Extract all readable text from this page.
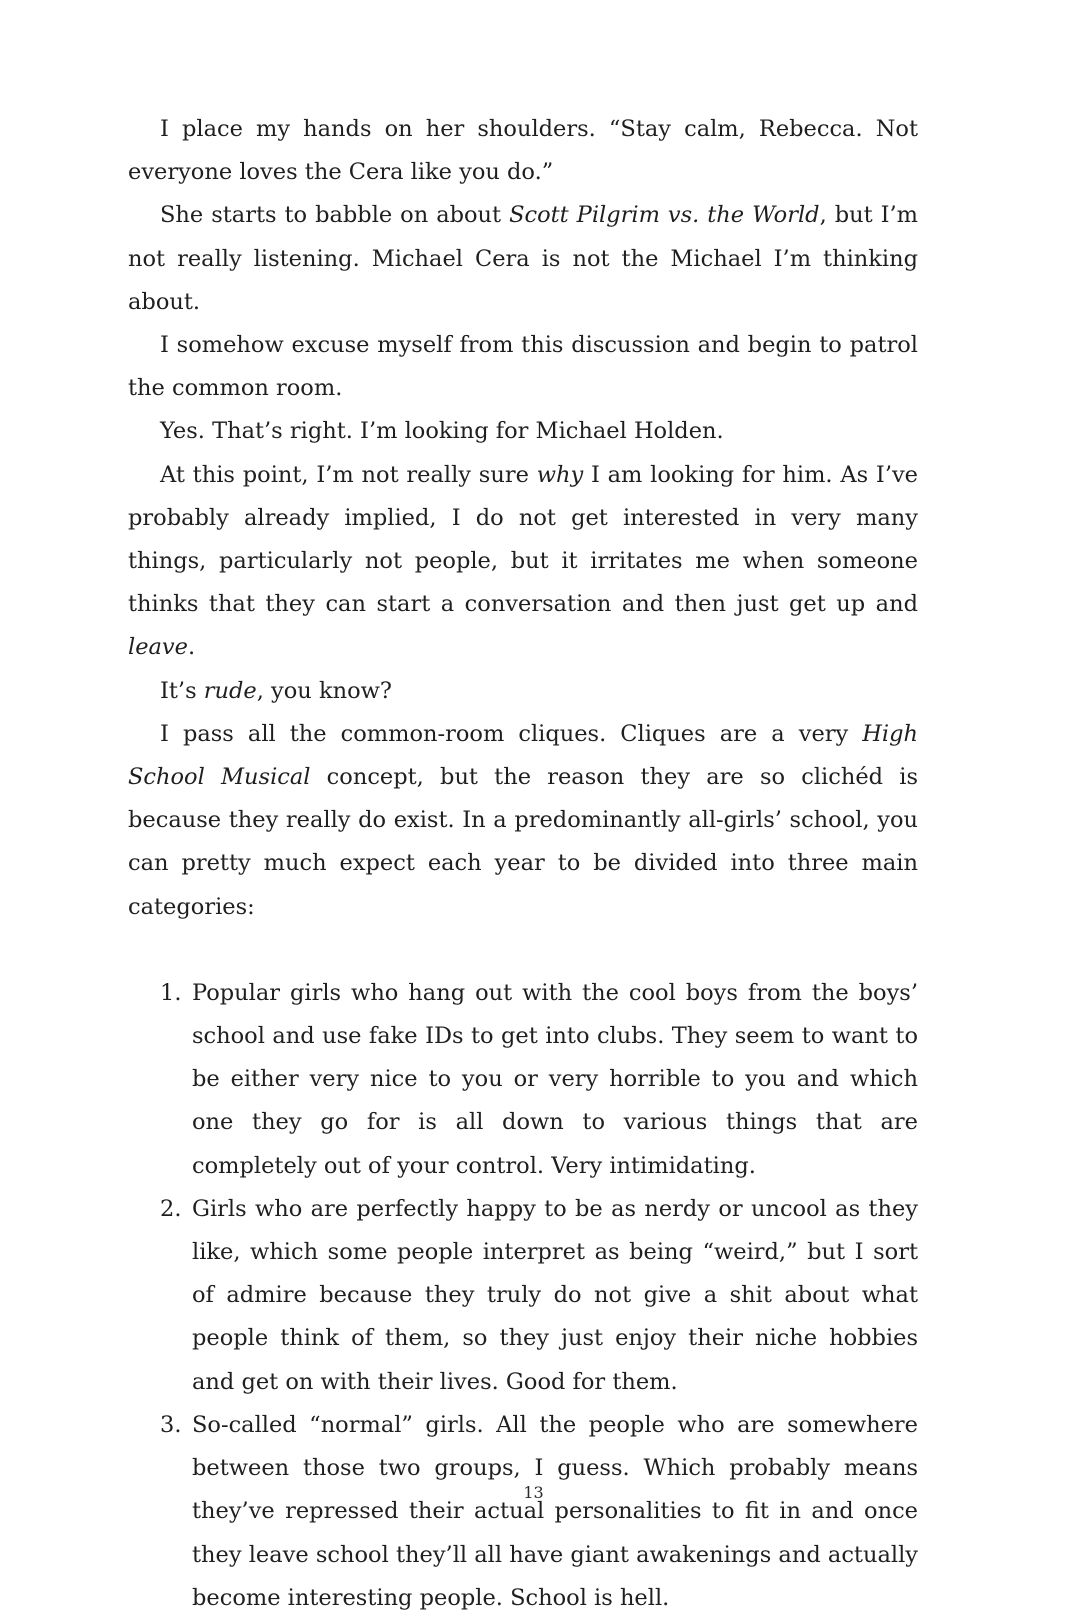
I place my hands on her shoulders. “Stay calm, Rebecca. Not everyone loves the Cera like you do.”

She starts to babble on about Scott Pilgrim vs. the World, but I’m not really listening. Michael Cera is not the Michael I’m thinking about.

I somehow excuse myself from this discussion and begin to patrol the common room.

Yes. That’s right. I’m looking for Michael Holden.

At this point, I’m not really sure why I am looking for him. As I’ve probably already implied, I do not get interested in very many things, particularly not people, but it irritates me when someone thinks that they can start a conversation and then just get up and leave.

It’s rude, you know?

I pass all the common-room cliques. Cliques are a very High School Musical concept, but the reason they are so clichéd is because they really do exist. In a predominantly all-girls’ school, you can pretty much expect each year to be divided into three main categories:

1. Popular girls who hang out with the cool boys from the boys’ school and use fake IDs to get into clubs. They seem to want to be either very nice to you or very horrible to you and which one they go for is all down to various things that are completely out of your control. Very intimidating.
2. Girls who are perfectly happy to be as nerdy or uncool as they like, which some people interpret as being “weird,” but I sort of admire because they truly do not give a shit about what people think of them, so they just enjoy their niche hobbies and get on with their lives. Good for them.
3. So-called “normal” girls. All the people who are somewhere between those two groups, I guess. Which probably means they’ve repressed their actual personalities to fit in and once they leave school they’ll all have giant awakenings and actually become interesting people. School is hell.
13
